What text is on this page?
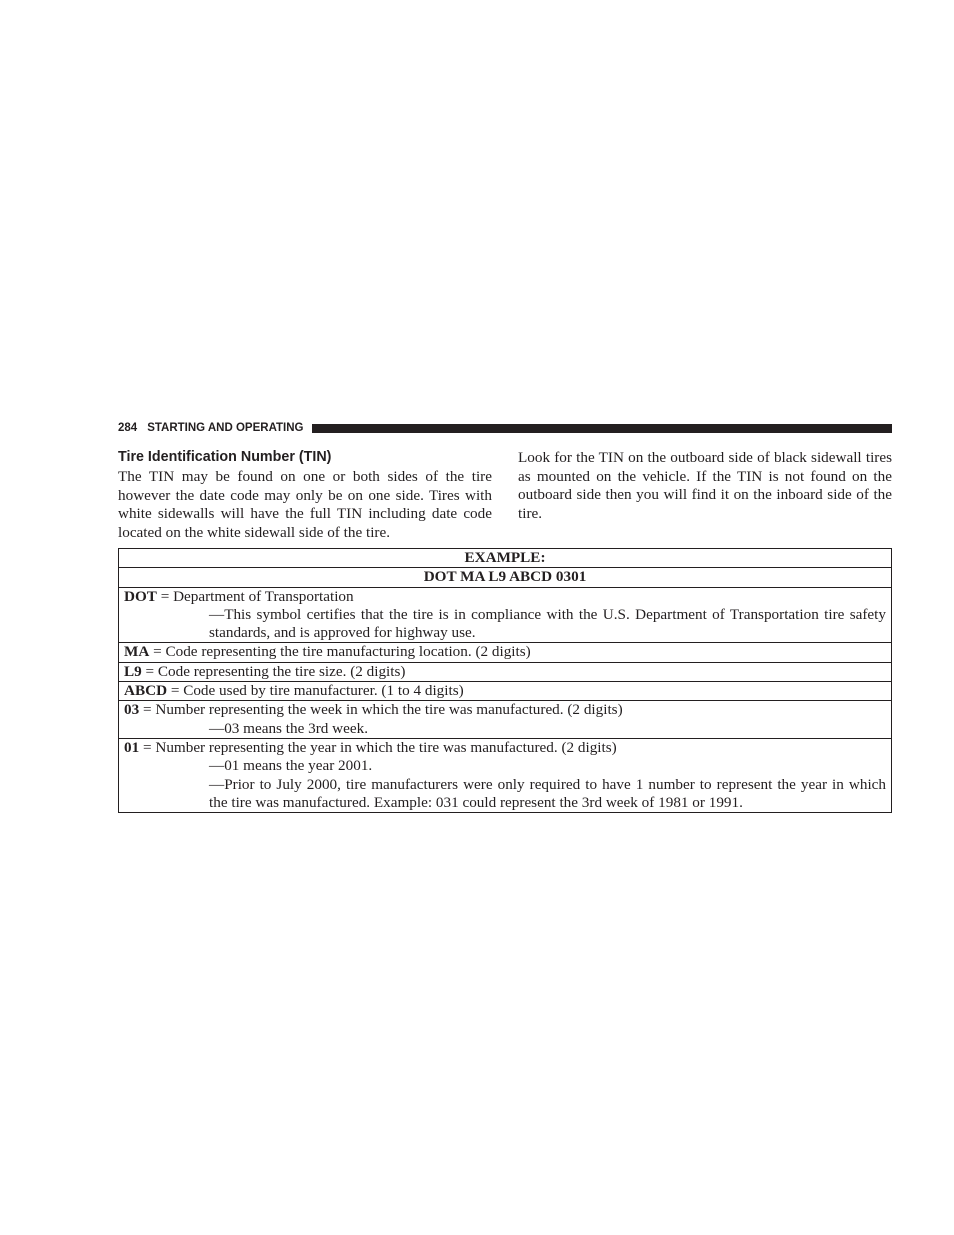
284 STARTING AND OPERATING
Tire Identification Number (TIN)

The TIN may be found on one or both sides of the tire however the date code may only be on one side. Tires with white sidewalls will have the full TIN including date code located on the white sidewall side of the tire.

Look for the TIN on the outboard side of black sidewall tires as mounted on the vehicle. If the TIN is not found on the outboard side then you will find it on the inboard side of the tire.

EXAMPLE:
DOT MA L9 ABCD 0301

DOT = Department of Transportation
—This symbol certifies that the tire is in compliance with the U.S. Department of Transportation tire safety standards, and is approved for highway use.

MA = Code representing the tire manufacturing location. (2 digits)

L9 = Code representing the tire size. (2 digits)

ABCD = Code used by tire manufacturer. (1 to 4 digits)

03 = Number representing the week in which the tire was manufactured. (2 digits)
—03 means the 3rd week.

01 = Number representing the year in which the tire was manufactured. (2 digits)
—01 means the year 2001.
—Prior to July 2000, tire manufacturers were only required to have 1 number to represent the year in which the tire was manufactured. Example: 031 could represent the 3rd week of 1981 or 1991.
